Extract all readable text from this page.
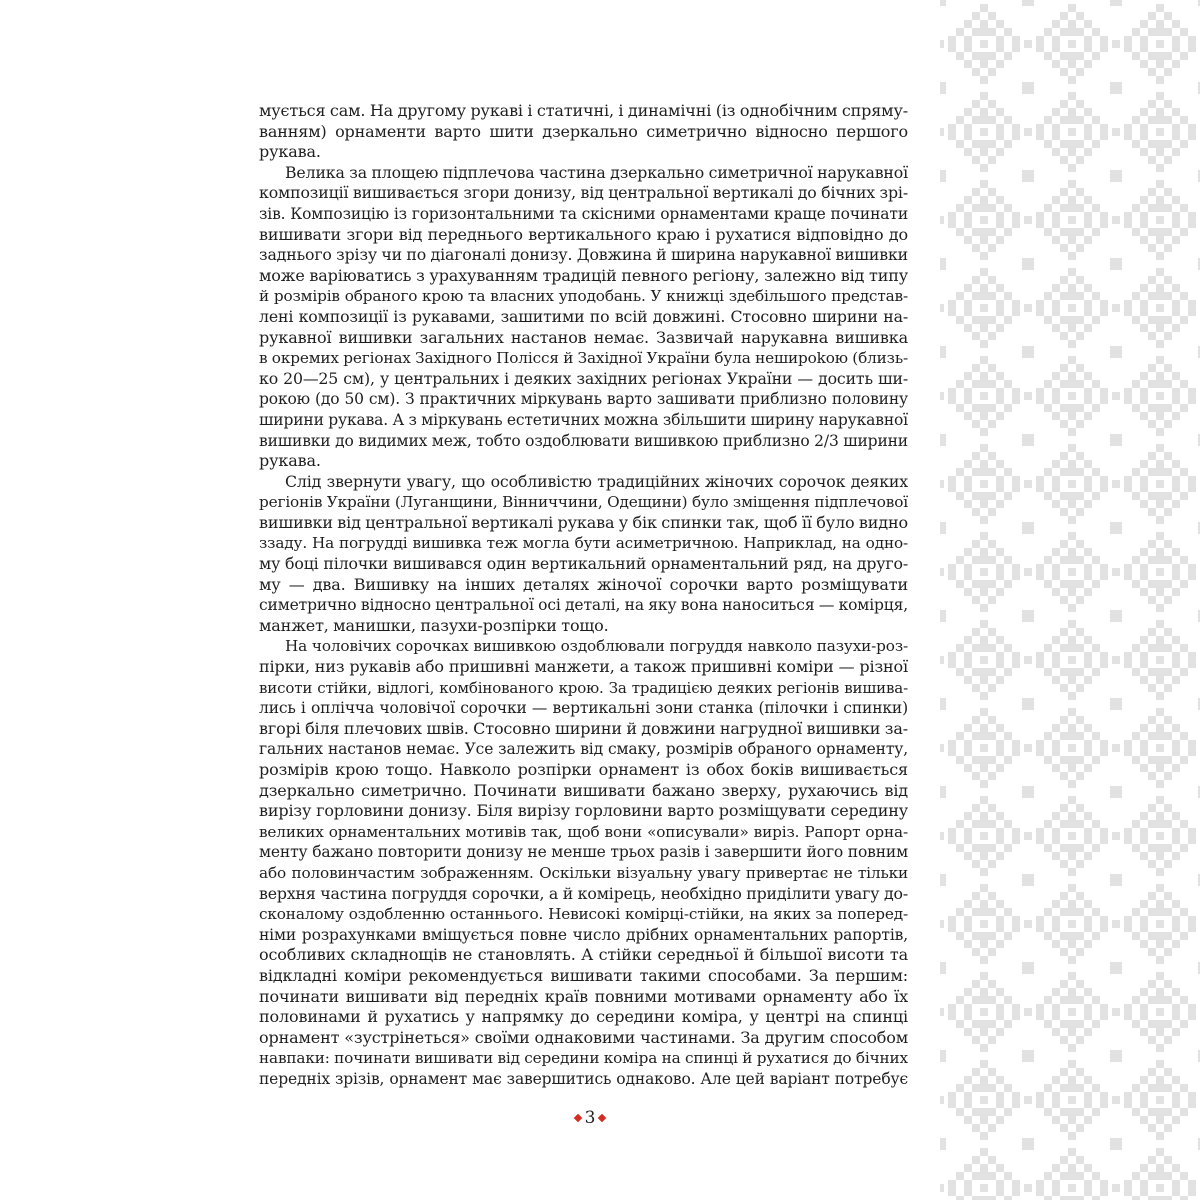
мується сам. На другому рукаві і статичні, і динамічні (із однобічним спряму-
ванням) орнаменти варто шити дзеркально симетрично відносно першого
рукава.

Велика за площею підплечова частина дзеркально симетричної нарукавної
композиції вишивається згори донизу, від центральної вертикалі до бічних зрі-
зів. Композицію із горизонтальними та скісними орнаментами краще починати
вишивати згори від переднього вертикального краю і рухатися відповідно до
заднього зрізу чи по діагоналі донизу. Довжина й ширина нарукавної вишивки
може варіюватись з урахуванням традицій певного регіону, залежно від типу
й розмірів обраного крою та власних уподобань. У книжці здебільшого представ-
лені композиції із рукавами, зашитими по всій довжині. Стосовно ширини на-
рукавної вишивки загальних настанов немає. Зазвичай нарукавна вишивка
в окремих регіонах Західного Полісся й Західної України була нешироkою (близь-
ко 20—25 см), у центральних і деяких західних регіонах України — досить ши-
рокою (до 50 см). З практичних міркувань варто зашивати приблизно половину
ширини рукава. А з міркувань естетичних можна збільшити ширину нарукавної
вишивки до видимих меж, тобто оздоблювати вишивкою приблизно 2/3 ширини
рукава.

Слід звернути увагу, що особливістю традиційних жіночих сорочок деяких
регіонів України (Луганщини, Вінниччини, Одещини) було зміщення підплечової
вишивки від центральної вертикалі рукава у бік спинки так, щоб її було видно
ззаду. На погрудді вишивка теж могла бути асиметричною. Наприклад, на одно-
му боці пілочки вишивався один вертикальний орнаментальний ряд, на друго-
му — два. Вишивку на інших деталях жіночої сорочки варто розміщувати
симетрично відносно центральної осі деталі, на яку вона наноситься — комірця,
манжет, манишки, пазухи-розпірки тощо.

На чоловічих сорочках вишивкою оздоблювали погруддя навколо пазухи-роз-
пірки, низ рукавів або пришивні манжети, а також пришивні коміри — різної
висоти стійки, відлогі, комбінованого крою. За традицією деяких регіонів вишива-
лись і оплічча чоловічої сорочки — вертикальні зони станка (пілочки і спинки)
вгорі біля плечових швів. Стосовно ширини й довжини нагрудної вишивки за-
гальних настанов немає. Усе залежить від смаку, розмірів обраного орнаменту,
розмірів крою тощо. Навколо розпірки орнамент із обох боків вишивається
дзеркально симетрично. Починати вишивати бажано зверху, рухаючись від
вирізу горловини донизу. Біля вирізу горловини варто розміщувати середину
великих орнаментальних мотивів так, щоб вони «описували» виріз. Рапорт орна-
менту бажано повторити донизу не менше трьох разів і завершити його повним
або половинчастим зображенням. Оскільки візуальну увагу привертає не тільки
верхня частина погруддя сорочки, а й комірець, необхідно приділити увагу до-
сконалому оздобленню останнього. Невисокі комірці-стійки, на яких за поперед-
німи розрахунками вміщується повне число дрібних орнаментальних рапортів,
особливих складнощів не становлять. А стійки середньої й більшої висоти та
відкладні коміри рекомендується вишивати такими способами. За першим:
починати вишивати від передніх країв повними мотивами орнаменту або їх
половинами й рухатись у напрямку до середини коміра, у центрі на спинці
орнамент «зустрінеться» своїми однаковими частинами. За другим способом
навпаки: починати вишивати від середини коміра на спинці й рухатися до бічних
передніх зрізів, орнамент має завершитись однаково. Але цей варіант потребує

3
